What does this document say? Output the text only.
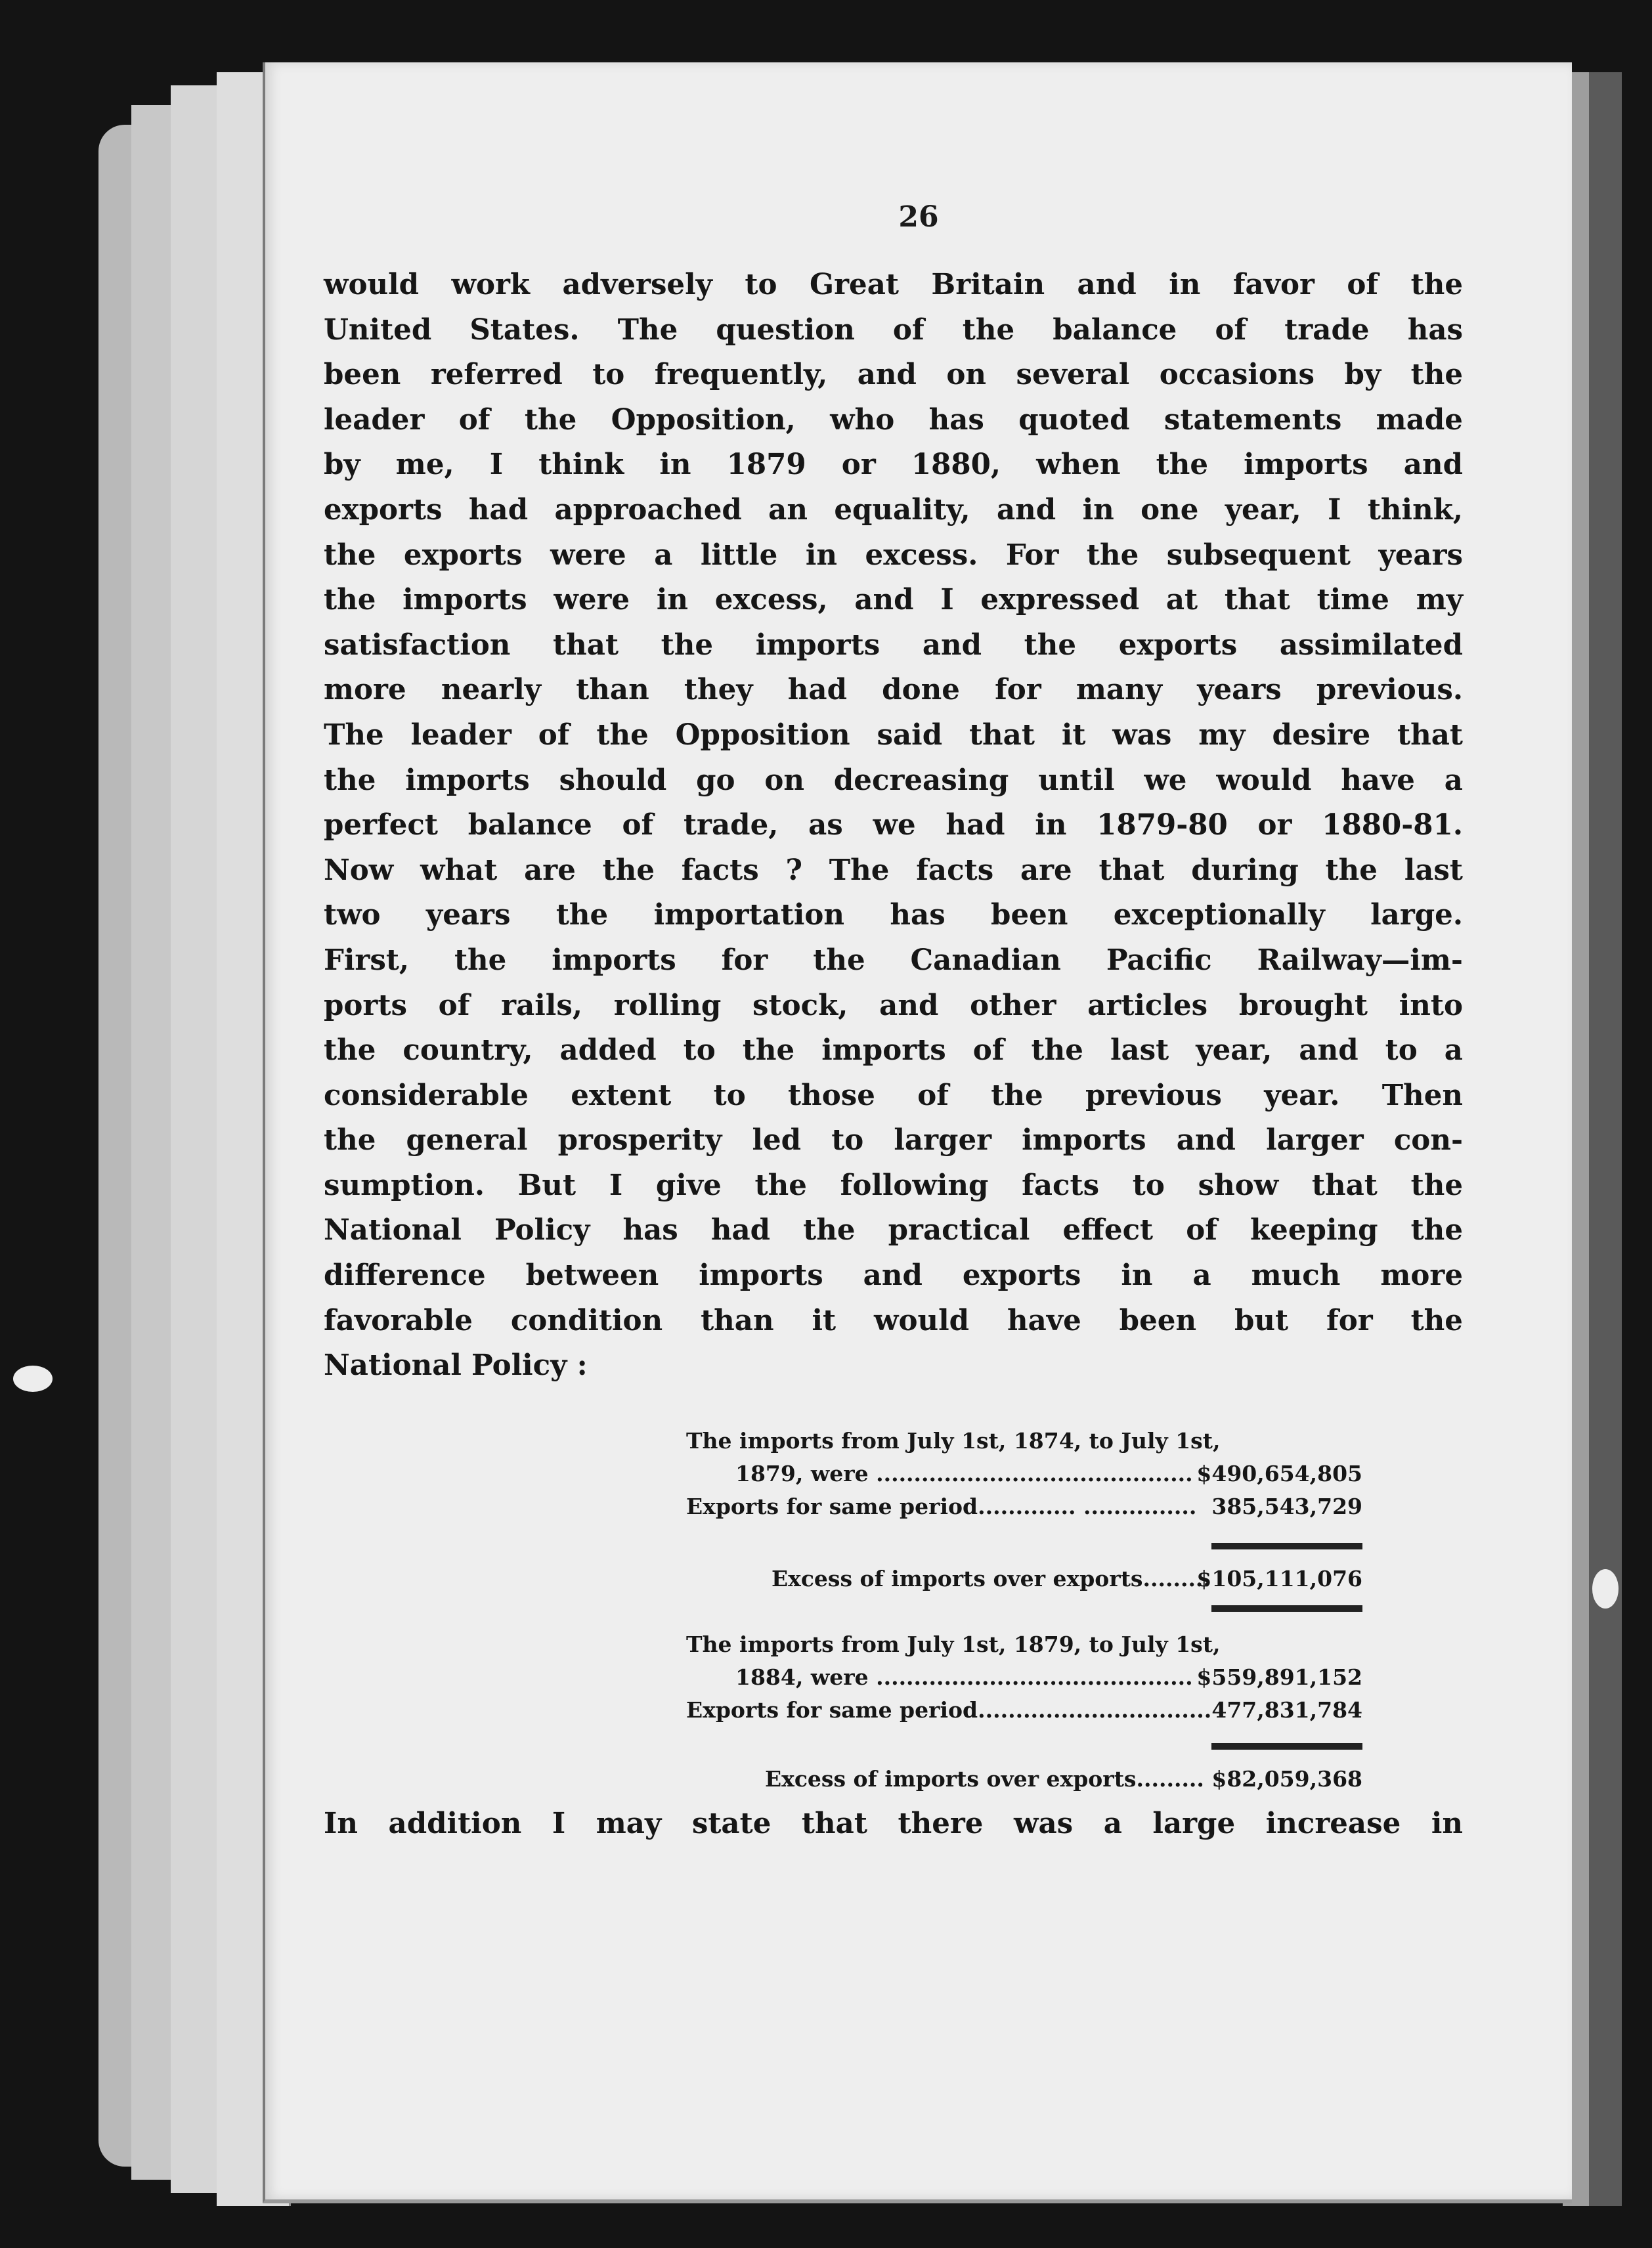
26

would work adversely to Great Britain and in favor of the
United States. The question of the balance of trade has
been referred to frequently, and on several occasions by the
leader of the Opposition, who has quoted statements made
by me, I think in 1879 or 1880, when the imports and
exports had approached an equality, and in one year, I think,
the exports were a little in excess. For the subsequent years
the imports were in excess, and I expressed at that time my
satisfaction that the imports and the exports assimilated
more nearly than they had done for many years previous.
The leader of the Opposition said that it was my desire that
the imports should go on decreasing until we would have a
perfect balance of trade, as we had in 1879-80 or 1880-81.
Now what are the facts ? The facts are that during the last
two years the importation has been exceptionally large.
First, the imports for the Canadian Pacific Railway—im-
ports of rails, rolling stock, and other articles brought into
the country, added to the imports of the last year, and to a
considerable extent to those of the previous year. Then
the general prosperity led to larger imports and larger con-
sumption. But I give the following facts to show that the
National Policy has had the practical effect of keeping the
difference between imports and exports in a much more
favorable condition than it would have been but for the
National Policy :

The imports from July 1st, 1874, to July 1st,
1879, were .......................................... $490,654,805
Exports for same period............. ............... 385,543,729
Excess of imports over exports.........
$105,111,076
The imports from July 1st, 1879, to July 1st,
1884, were .......................................... $559,891,152
Exports for same period............................... 477,831,784
Excess of imports over exports......... $82,059,368

In addition I may state that there was a large increase in
